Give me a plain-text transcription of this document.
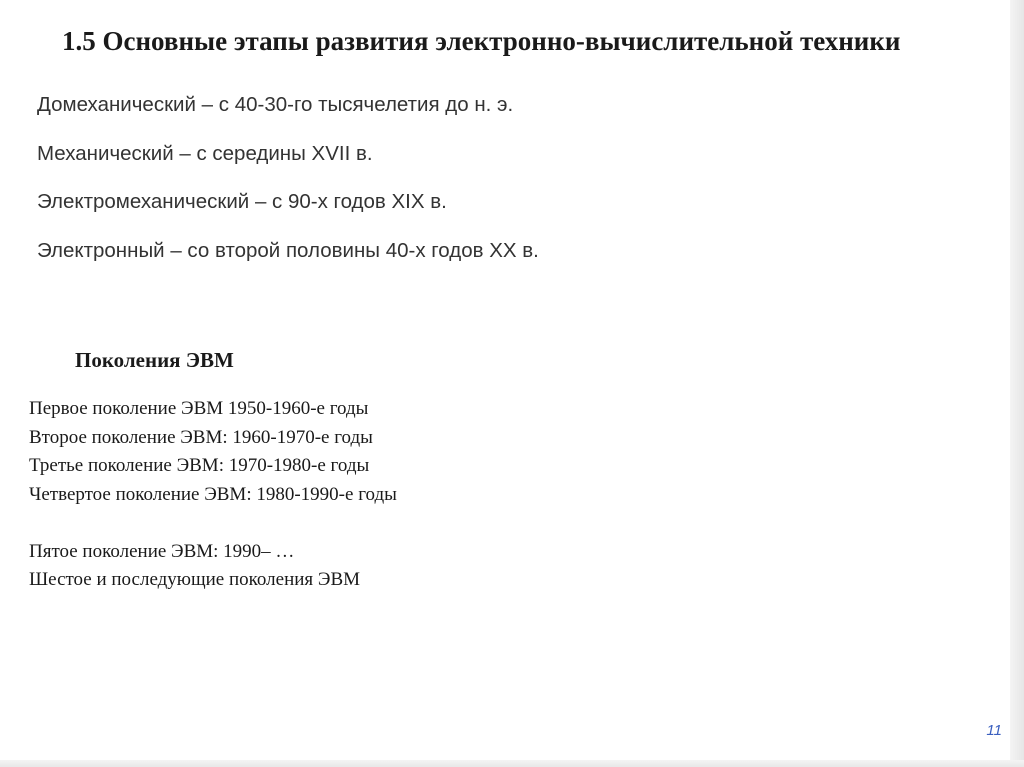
1.5 Основные этапы развития электронно-вычислительной техники
Домеханический – с 40-30-го тысячелетия до н. э.
Механический – с середины XVII в.
Электромеханический – с 90-х годов XIX в.
Электронный – со второй половины 40-х годов XX в.
Поколения ЭВМ
Первое поколение ЭВМ 1950-1960-е годы
Второе поколение ЭВМ: 1960-1970-е годы
Третье поколение ЭВМ: 1970-1980-е годы
Четвертое поколение ЭВМ: 1980-1990-е годы
Пятое поколение ЭВМ: 1990– …
Шестое и последующие поколения ЭВМ
11
